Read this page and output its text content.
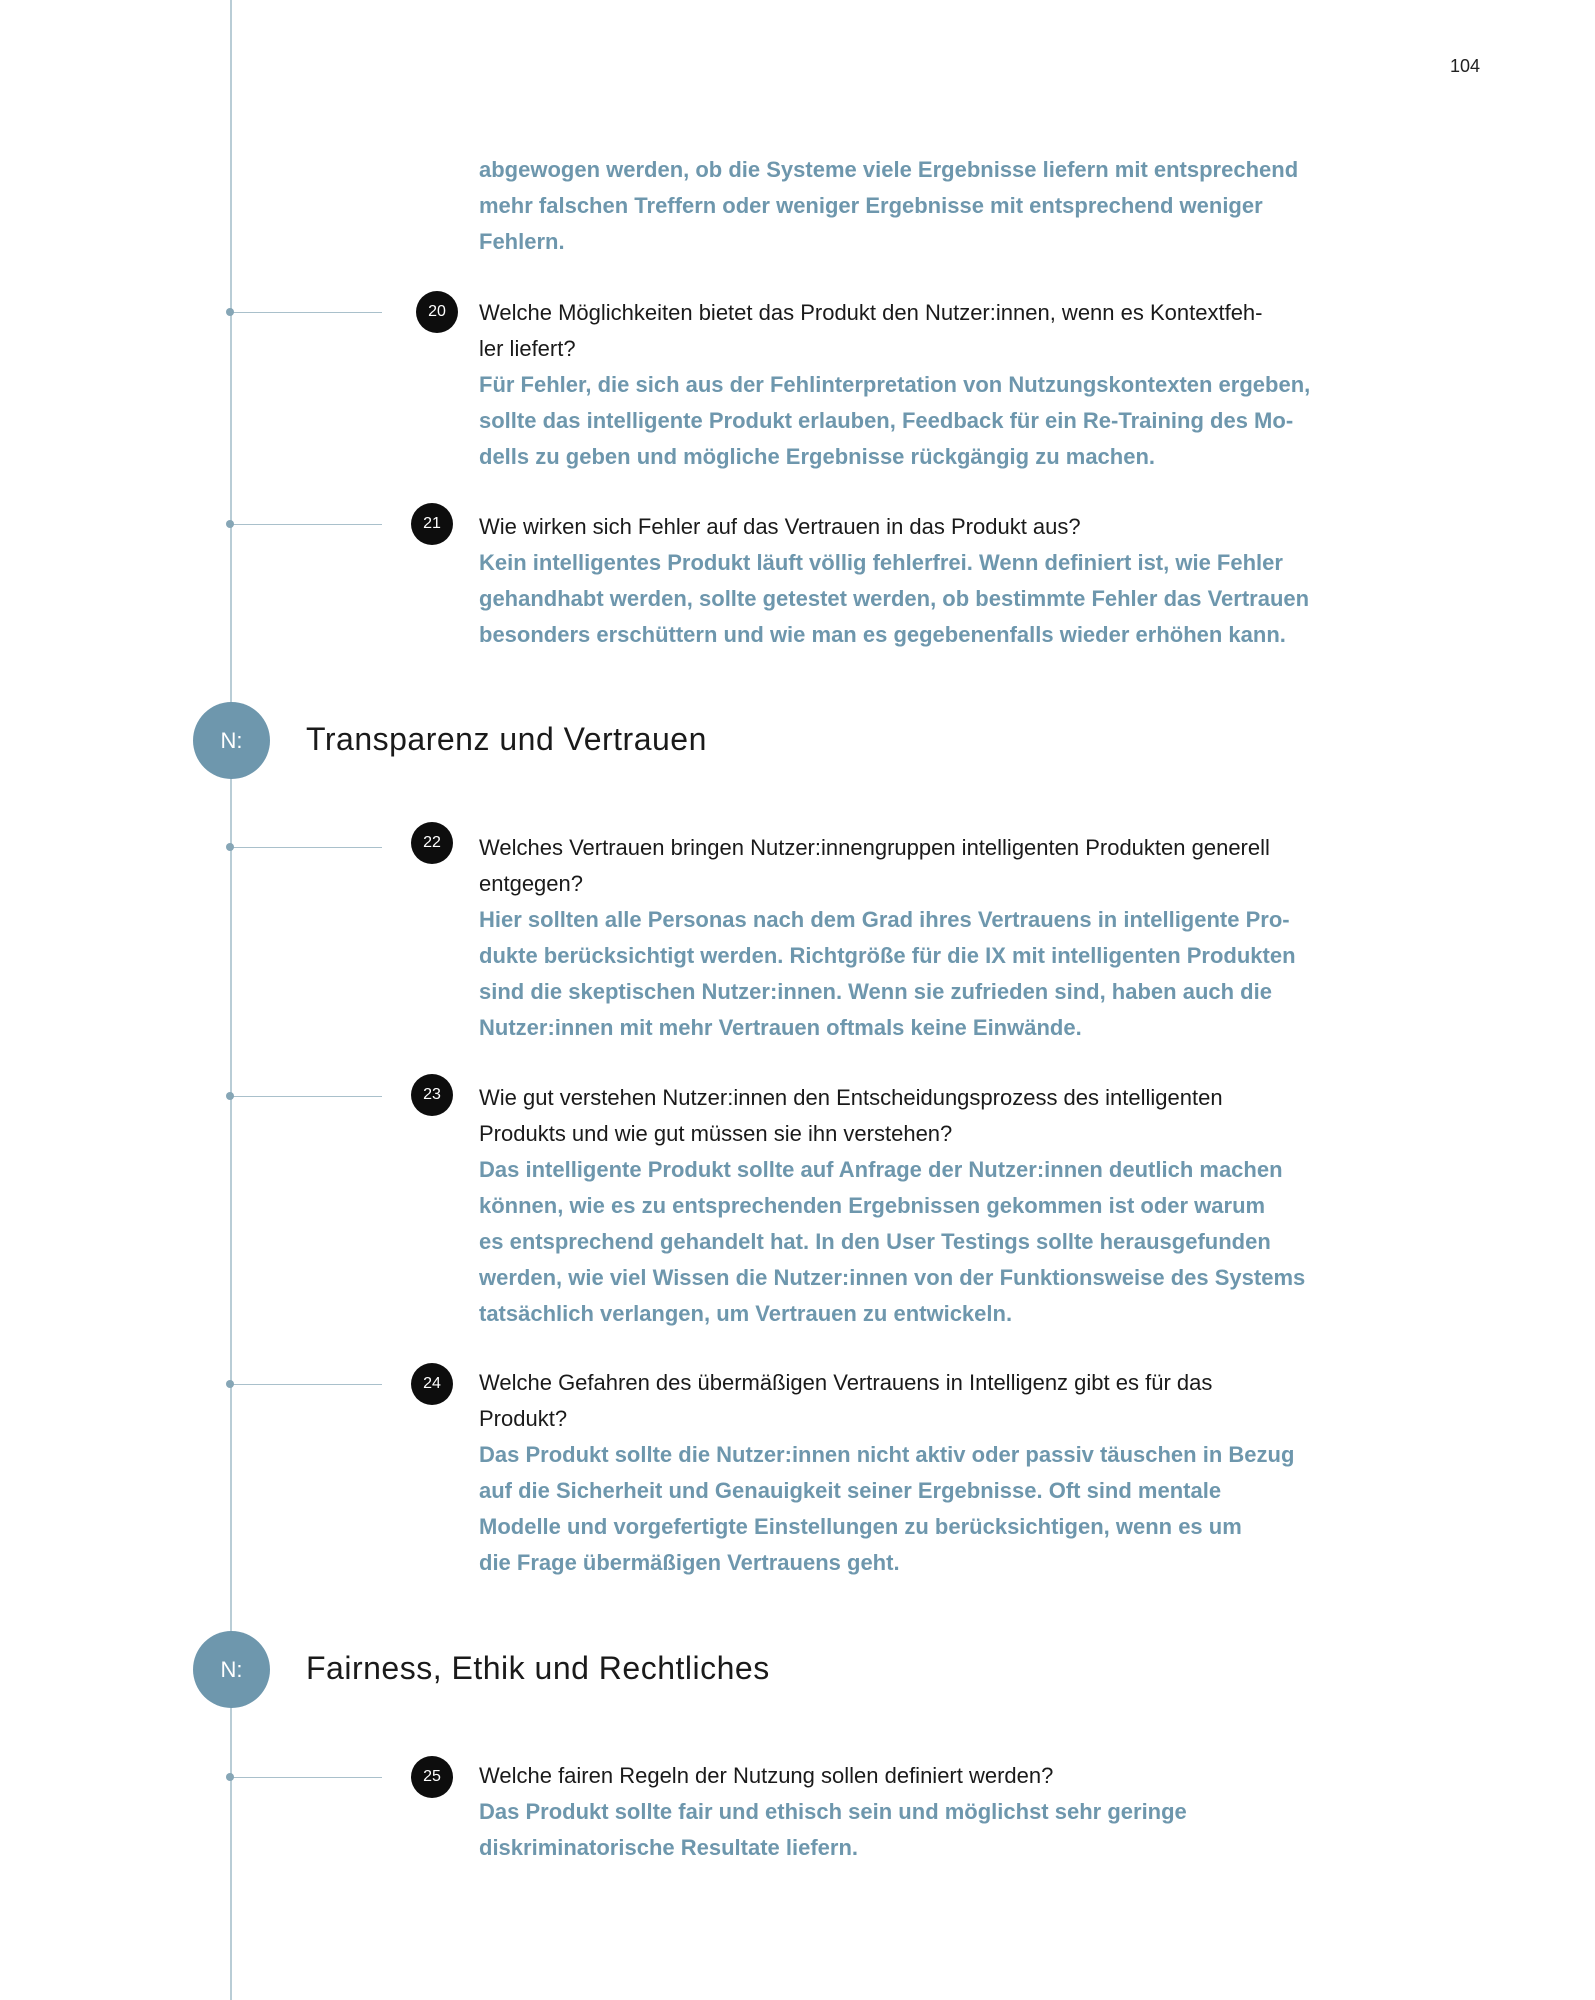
104
abgewogen werden, ob die Systeme viele Ergebnisse liefern mit entsprechend
mehr falschen Treffern oder weniger Ergebnisse mit entsprechend weniger
Fehlern.
20	Welche Möglichkeiten bietet das Produkt den Nutzer:innen, wenn es Kontextfeh-
ler liefert?
Für Fehler, die sich aus der Fehlinterpretation von Nutzungskontexten ergeben,
sollte das intelligente Produkt erlauben, Feedback für ein Re-Training des Mo-
dells zu geben und mögliche Ergebnisse rückgängig zu machen.
21	Wie wirken sich Fehler auf das Vertrauen in das Produkt aus?
Kein intelligentes Produkt läuft völlig fehlerfrei. Wenn definiert ist, wie Fehler
gehandhabt werden, sollte getestet werden, ob bestimmte Fehler das Vertrauen
besonders erschüttern und wie man es gegebenenfalls wieder erhöhen kann.
N:	Transparenz und Vertrauen
22	Welches Vertrauen bringen Nutzer:innengruppen intelligenten Produkten generell
entgegen?
Hier sollten alle Personas nach dem Grad ihres Vertrauens in intelligente Pro-
dukte berücksichtigt werden. Richtgröße für die IX mit intelligenten Produkten
sind die skeptischen Nutzer:innen. Wenn sie zufrieden sind, haben auch die
Nutzer:innen mit mehr Vertrauen oftmals keine Einwände.
23	Wie gut verstehen Nutzer:innen den Entscheidungsprozess des intelligenten
Produkts und wie gut müssen sie ihn verstehen?
Das intelligente Produkt sollte auf Anfrage der Nutzer:innen deutlich machen
können, wie es zu entsprechenden Ergebnissen gekommen ist oder warum
es entsprechend gehandelt hat. In den User Testings sollte herausgefunden
werden, wie viel Wissen die Nutzer:innen von der Funktionsweise des Systems
tatsächlich verlangen, um Vertrauen zu entwickeln.
24	Welche Gefahren des übermäßigen Vertrauens in Intelligenz gibt es für das
Produkt?
Das Produkt sollte die Nutzer:innen nicht aktiv oder passiv täuschen in Bezug
auf die Sicherheit und Genauigkeit seiner Ergebnisse. Oft sind mentale
Modelle und vorgefertigte Einstellungen zu berücksichtigen, wenn es um
die Frage übermäßigen Vertrauens geht.
N:	Fairness, Ethik und Rechtliches
25	Welche fairen Regeln der Nutzung sollen definiert werden?
Das Produkt sollte fair und ethisch sein und möglichst sehr geringe
diskriminatorische Resultate liefern.
